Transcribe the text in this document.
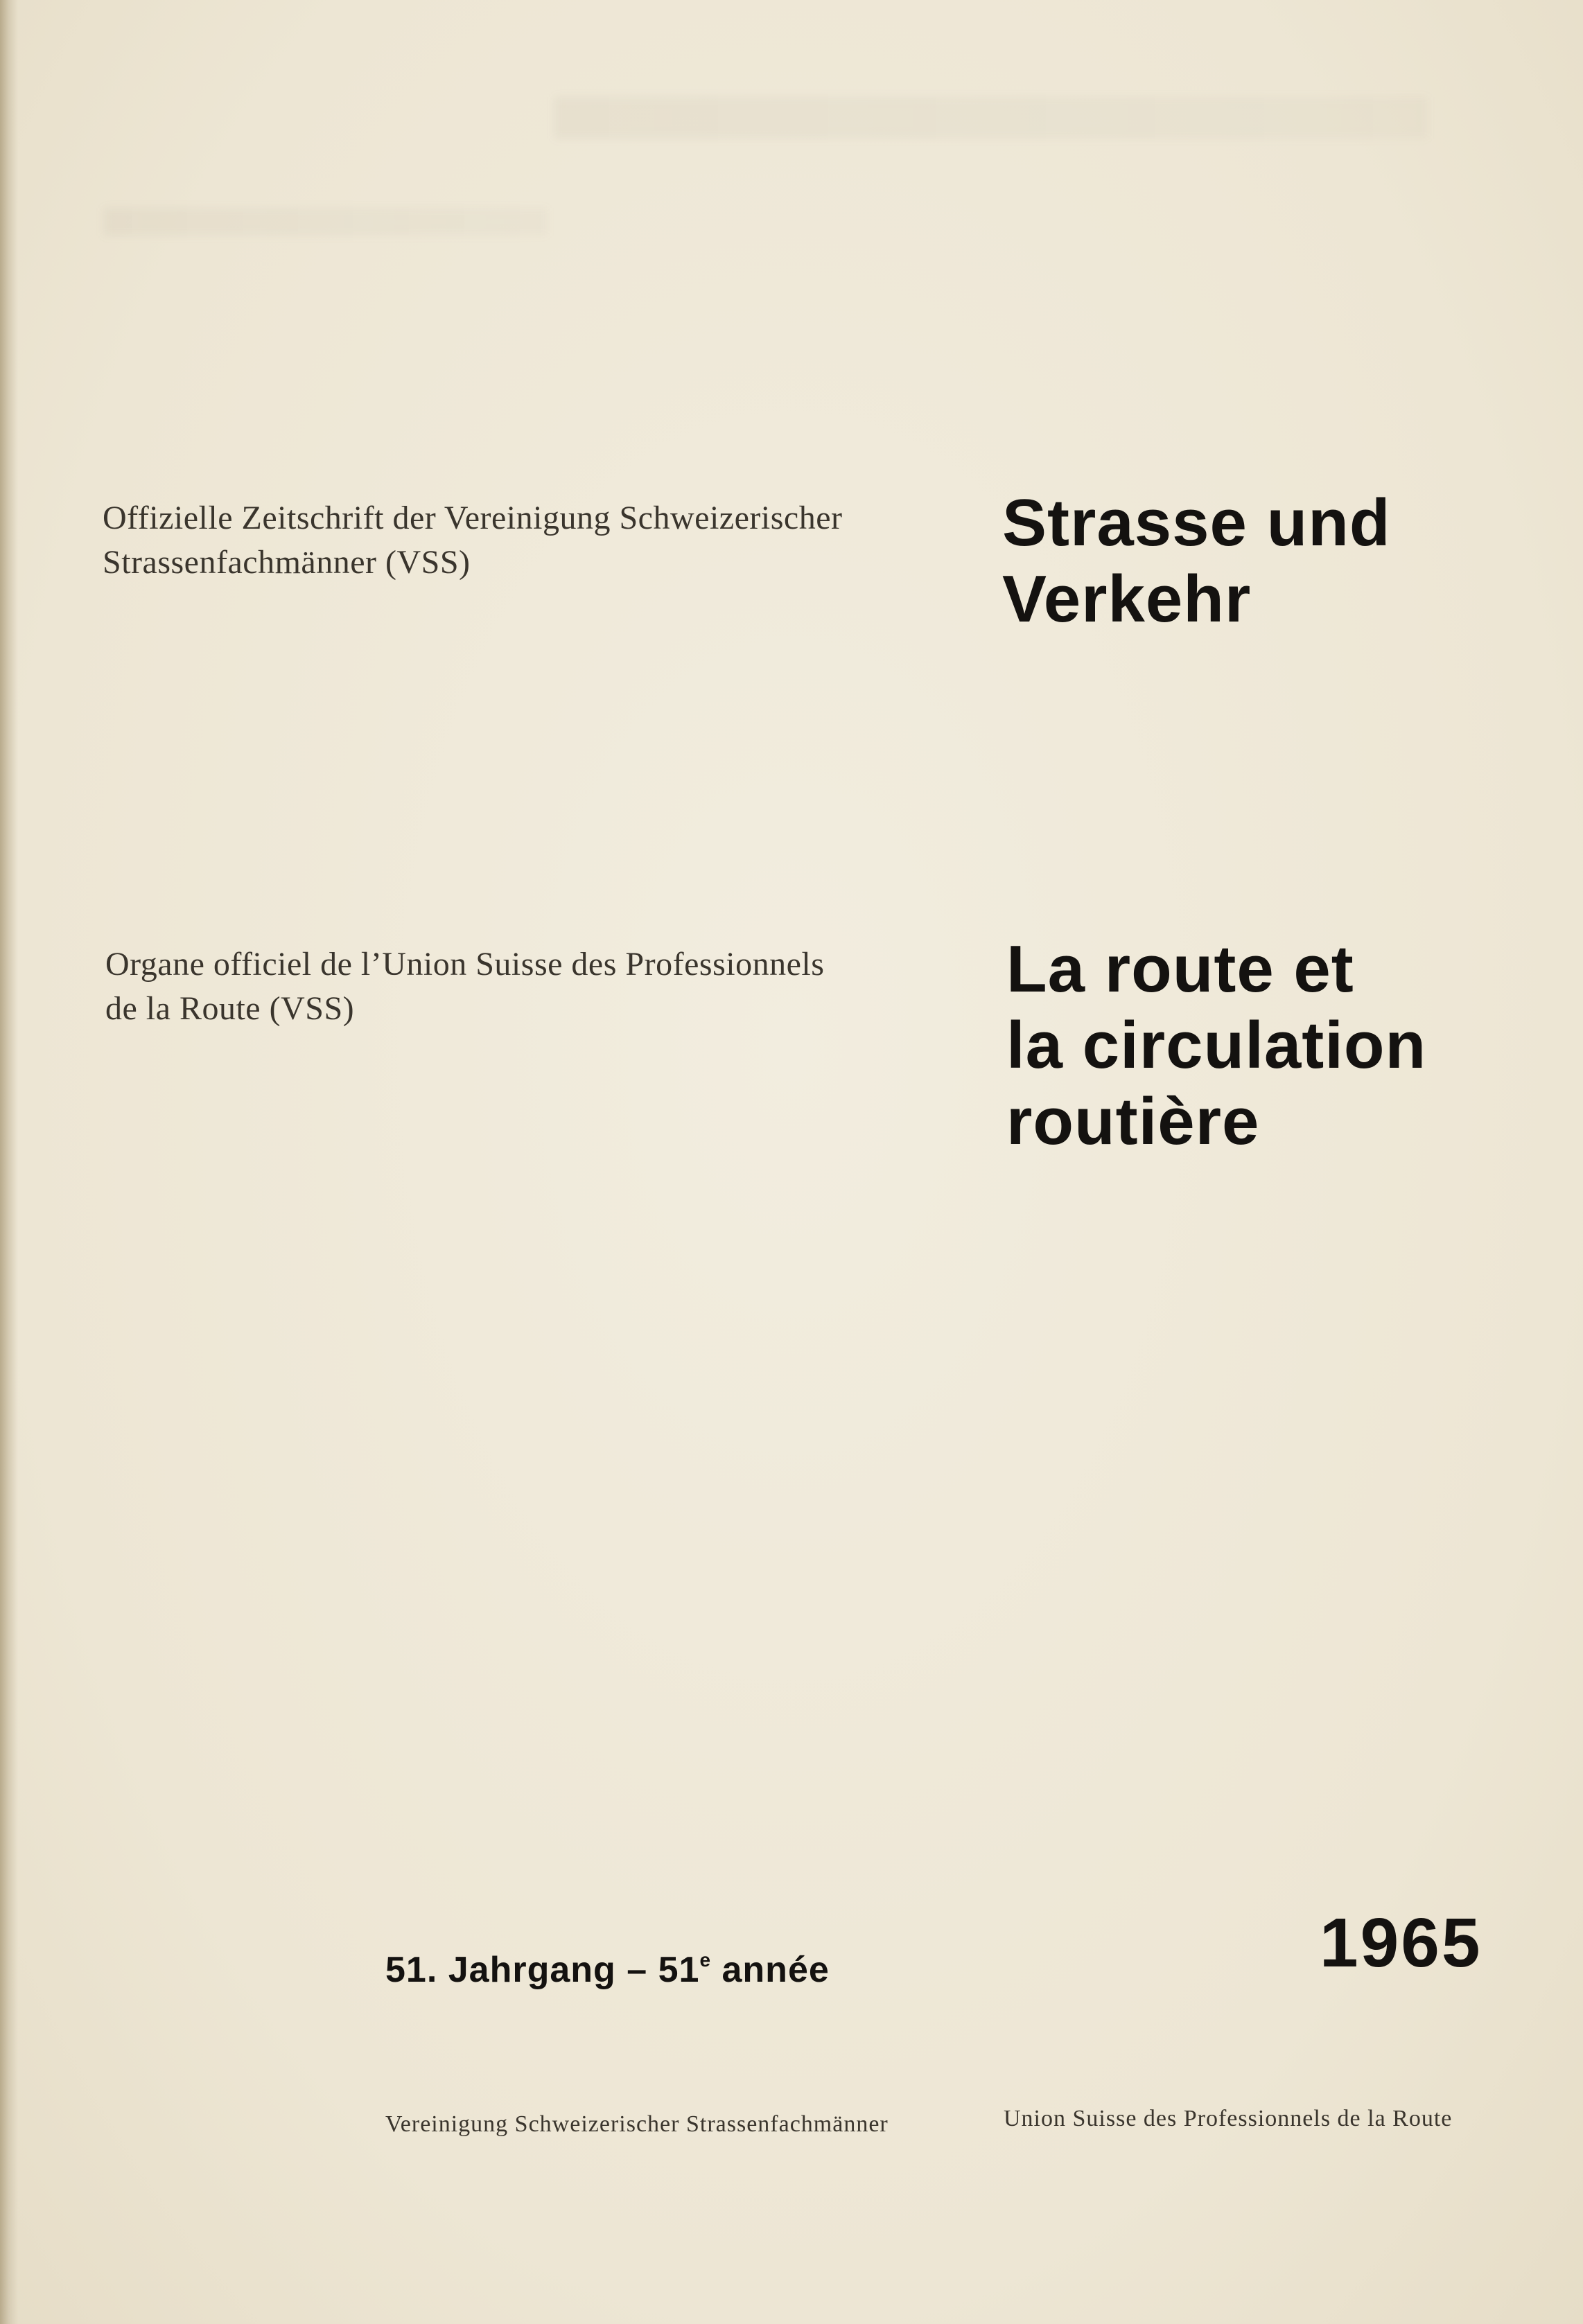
Offizielle Zeitschrift der Vereinigung Schweizerischer
Strassenfachmänner (VSS)
Strasse und
Verkehr
Organe officiel de l’Union Suisse des Professionnels
de la Route (VSS)
La route et
la circulation
routière
51. Jahrgang – 51e année	1965
Vereinigung Schweizerischer Strassenfachmänner	Union Suisse des Professionnels de la Route
